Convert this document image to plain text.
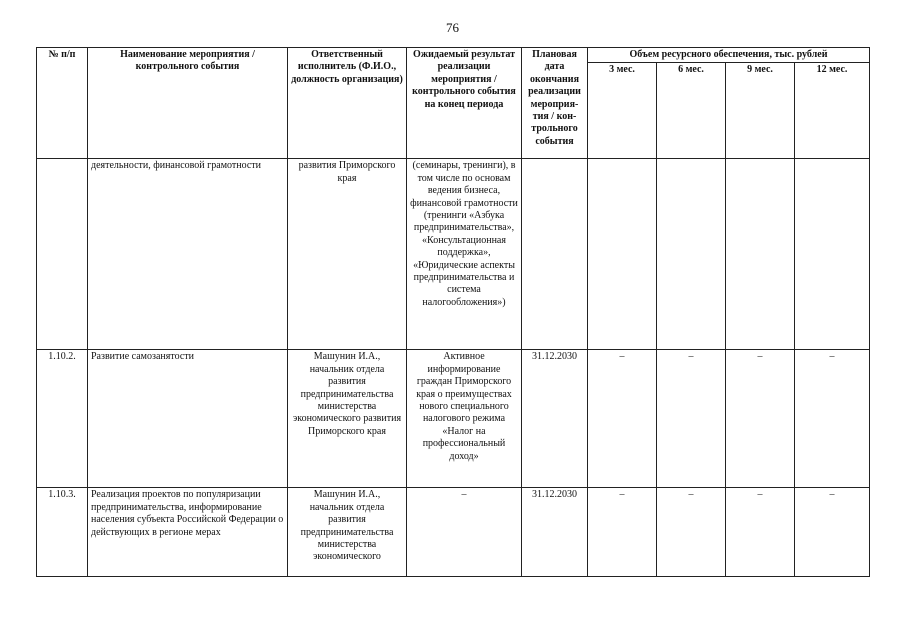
76
№ п/п	Наименование мероприятия / контрольного события	Ответственный исполнитель (Ф.И.О., должность организация)	Ожидаемый результат реализации мероприятия / контрольного события на конец периода	Плановая дата окончания реализации мероприя-тия / кон-трольного события	Объем ресурсного обеспечения, тыс. рублей			
					3 мес.	6 мес.	9 мес.	12 мес.
	деятельности, финансовой грамотности	развития Приморского края	(семинары, тренинги), в том числе по основам ведения бизнеса, финансовой грамотности (тренинги «Азбука предпринимательства», «Консультационная поддержка», «Юридические аспекты предпринимательства и система налогообложения»)					
1.10.2.	Развитие самозанятости	Машунин И.А., начальник отдела развития предпринимательства министерства экономического развития Приморского края	Активное информирование граждан Приморского края о преимуществах нового специального налогового режима «Налог на профессиональный доход»	31.12.2030	–	–	–	–
1.10.3.	Реализация проектов по популяризации предпринимательства, информирование населения субъекта Российской Федерации о действующих в регионе мерах	Машунин И.А., начальник отдела развития предпринимательства министерства экономического	–	31.12.2030	–	–	–	–
